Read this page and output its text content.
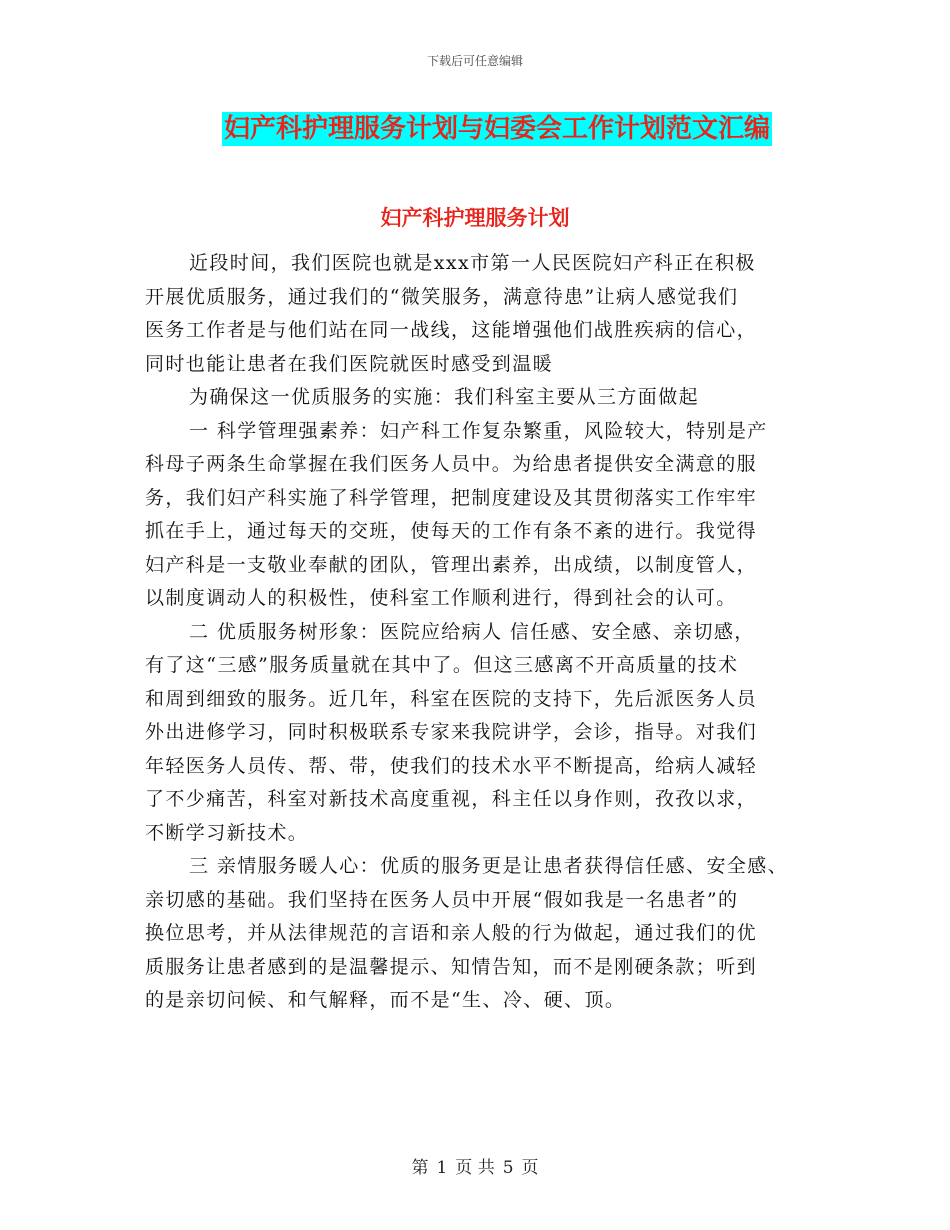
下载后可任意编辑
妇产科护理服务计划与妇委会工作计划范文汇编
妇产科护理服务计划
近段时间，我们医院也就是xxx市第一人民医院妇产科正在积极
开展优质服务，通过我们的“微笑服务，满意待患”让病人感觉我们
医务工作者是与他们站在同一战线，这能增强他们战胜疾病的信心，
同时也能让患者在我们医院就医时感受到温暖
为确保这一优质服务的实施：我们科室主要从三方面做起
一 科学管理强素养：妇产科工作复杂繁重，风险较大，特别是产
科母子两条生命掌握在我们医务人员中。为给患者提供安全满意的服
务，我们妇产科实施了科学管理，把制度建设及其贯彻落实工作牢牢
抓在手上，通过每天的交班，使每天的工作有条不紊的进行。我觉得
妇产科是一支敬业奉献的团队，管理出素养，出成绩，以制度管人，
以制度调动人的积极性，使科室工作顺利进行，得到社会的认可。
二 优质服务树形象：医院应给病人 信任感、安全感、亲切感，
有了这“三感”服务质量就在其中了。但这三感离不开高质量的技术
和周到细致的服务。近几年，科室在医院的支持下，先后派医务人员
外出进修学习，同时积极联系专家来我院讲学，会诊，指导。对我们
年轻医务人员传、帮、带，使我们的技术水平不断提高，给病人减轻
了不少痛苦，科室对新技术高度重视，科主任以身作则，孜孜以求，
不断学习新技术。
三 亲情服务暖人心：优质的服务更是让患者获得信任感、安全感、
亲切感的基础。我们坚持在医务人员中开展“假如我是一名患者”的
换位思考，并从法律规范的言语和亲人般的行为做起，通过我们的优
质服务让患者感到的是温馨提示、知情告知，而不是刚硬条款；听到
的是亲切问候、和气解释，而不是“生、冷、硬、顶。
第 1 页 共 5 页
